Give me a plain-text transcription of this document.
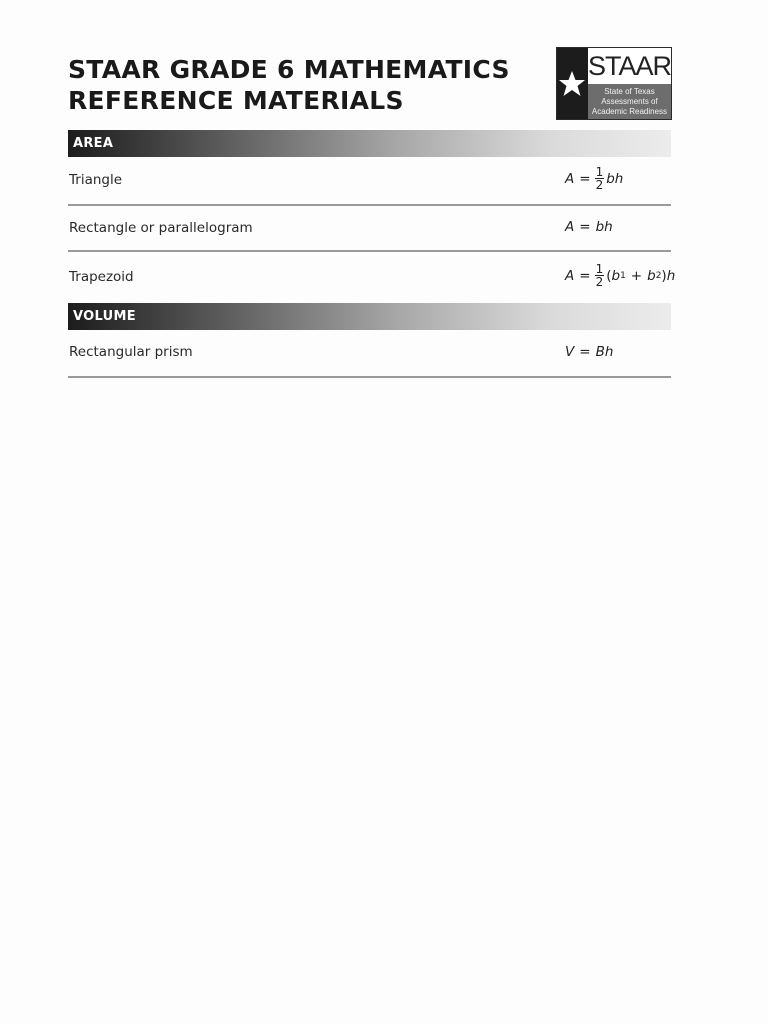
STAAR GRADE 6 MATHEMATICS
REFERENCE MATERIALS
STAAR
State of Texas
Assessments of
Academic Readiness
AREA
Triangle	$A = \frac{1}{2}$ bh
Rectangle or parallelogram	A = bh
Trapezoid	$A = \frac{1}{2}$ ( b 1 + b 2 ) h
VOLUME
Rectangular prism	V = Bh
